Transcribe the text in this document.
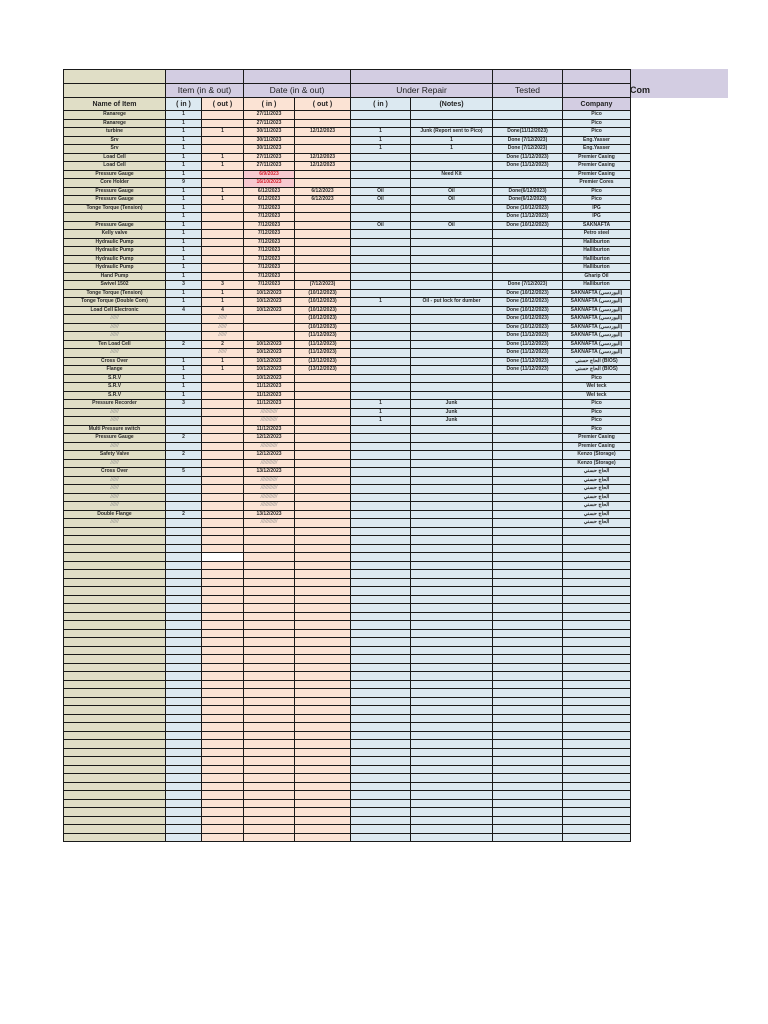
Com

	Item (in & out)		Date (in & out)		Under Repair		Tested	
Name of Item	( in )	( out )	( in )	( out )	( in )	(Notes)		Company
Ranarege	1		27/11/2023					Pico
Ranarege	1		27/11/2023					Pico
turbine	1	1	30/11/2023	12/12/2023	1	Junk (Report sent to Pico)	Done(11/12/2023)	Pico
Srv	1		30/11/2023		1	1	Done (7/12/2023)	Eng.Yasser
Srv	1		30/11/2023		1	1	Done (7/12/2023)	Eng.Yasser
Load Cell	1	1	27/11/2023	12/12/2023			Done (11/12/2023)	Premier Casing
Load Cell	1	1	27/11/2023	12/12/2023			Done (11/12/2023)	Premier Casing
Pressure Gauge	1		6/9/2023			Need Kit		Premier Casing
Core Holder	9		16/10/2023					Premier Cores
Pressure Gauge	1	1	6/12/2023	6/12/2023	Oil	Oil	Done(6/12/2023)	Pico
Pressure Gauge	1	1	6/12/2023	6/12/2023	Oil	Oil	Done(6/12/2023)	Pico
Tonge Torque (Tension)	1		7/12/2023				Done (10/12/2023)	IPG
	1		7/12/2023				Done (11/12/2023)	IPG
Pressure Gauge	1		7/12/2023		Oil	Oil	Done (10/12/2023)	SAKNAFTA
Kelly valve	1		7/12/2023					Petro steel
Hydraulic Pump	1		7/12/2023					Halliburton
Hydraulic Pump	1		7/12/2023					Halliburton
Hydraulic Pump	1		7/12/2023					Halliburton
Hydraulic Pump	1		7/12/2023					Halliburton
Hand Pump	1		7/12/2023					Gharip Oil
Swivel 1502	3	3	7/12/2023	(7/12/2023)			Done (7/12/2023)	Halliburton
Tonge Torque (Tension)	1	1	10/12/2023	(10/12/2023)			Done (10/12/2023)	SAKNAFTA (البوردسي)
Tonge Torque (Double Com)	1	1	10/12/2023	(10/12/2023)	1	Oil - put lock for dumber	Done (10/12/2023)	SAKNAFTA (البوردسي)
Load Cell Electronic	4	4	10/12/2023	(10/12/2023)			Done (10/12/2023)	SAKNAFTA (البوردسي)
//////		//////		(10/12/2023)			Done (10/12/2023)	SAKNAFTA (البوردسي)
//////		//////		(10/12/2023)			Done (10/12/2023)	SAKNAFTA (البوردسي)
//////		//////		(11/12/2023)			Done (11/12/2023)	SAKNAFTA (البوردسي)
Ten Load Cell	2	2	10/12/2023	(11/12/2023)			Done (11/12/2023)	SAKNAFTA (البوردسي)
//////		//////	10/12/2023	(11/12/2023)			Done (11/12/2023)	SAKNAFTA (البوردسي)
Cross Over	1	1	10/12/2023	(13/12/2023)			Done (11/12/2023)	الحاج حسني (BIOS)
Flange	1	1	10/12/2023	(13/12/2023)			Done (11/12/2023)	الحاج حسني (BIOS)
S.R.V	1		10/12/2023					Pico
S.R.V	1		11/12/2023					Wel teck
S.R.V	1		11/12/2023					Wel teck
Pressure Recorder	3		11/12/2023		1	Junk		Pico
//////			////////////		1	Junk		Pico
//////			////////////		1	Junk		Pico
Multi Pressure switch			11/12/2023					Pico
Pressure Gauge	2		12/12/2023					Premier Casing
//////			////////////					Premier Casing
Safety Valve	2		12/12/2023					Kenzo (Storage)
//////			////////////					Kenzo (Storage)
Cross Over	5		13/12/2023					الحاج حسني
//////			////////////					الحاج حسني
//////			////////////					الحاج حسني
//////			////////////					الحاج حسني
//////			////////////					الحاج حسني
Double Flange	2		13/12/2023					الحاج حسني
//////			////////////					الحاج حسني
